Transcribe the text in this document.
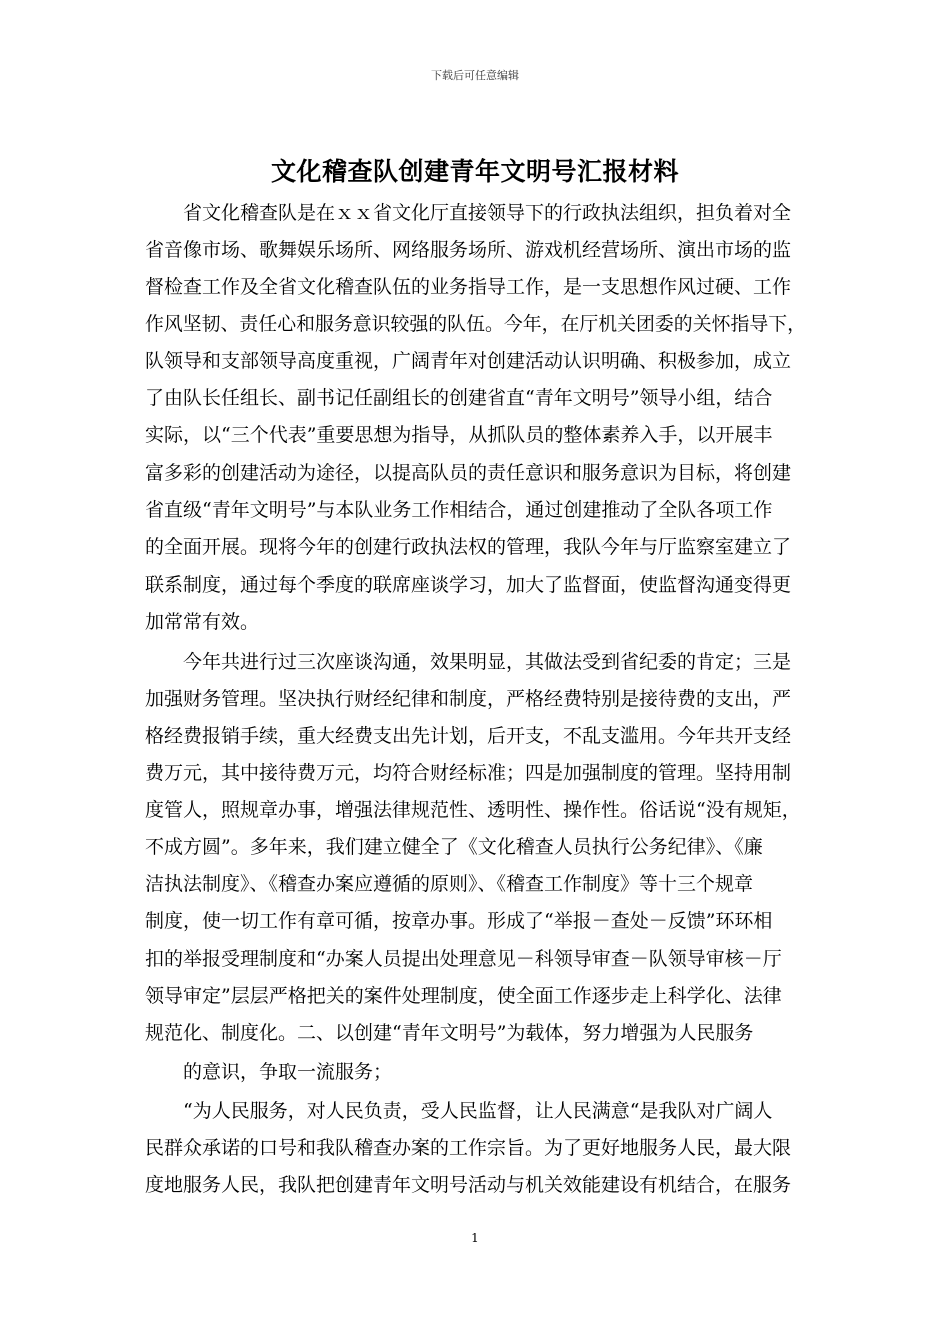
下载后可任意编辑
文化稽查队创建青年文明号汇报材料
省文化稽查队是在ｘｘ省文化厅直接领导下的行政执法组织，担负着对全
省音像市场、歌舞娱乐场所、网络服务场所、游戏机经营场所、演出市场的监
督检查工作及全省文化稽查队伍的业务指导工作，是一支思想作风过硬、工作
作风坚韧、责任心和服务意识较强的队伍。今年，在厅机关团委的关怀指导下，
队领导和支部领导高度重视，广阔青年对创建活动认识明确、积极参加，成立
了由队长任组长、副书记任副组长的创建省直“青年文明号”领导小组，结合
实际，以“三个代表”重要思想为指导，从抓队员的整体素养入手，以开展丰
富多彩的创建活动为途径，以提高队员的责任意识和服务意识为目标，将创建
省直级“青年文明号”与本队业务工作相结合，通过创建推动了全队各项工作
的全面开展。现将今年的创建行政执法权的管理，我队今年与厅监察室建立了
联系制度，通过每个季度的联席座谈学习，加大了监督面，使监督沟通变得更
加常常有效。
今年共进行过三次座谈沟通，效果明显，其做法受到省纪委的肯定；三是
加强财务管理。坚决执行财经纪律和制度，严格经费特别是接待费的支出，严
格经费报销手续，重大经费支出先计划，后开支，不乱支滥用。今年共开支经
费万元，其中接待费万元，均符合财经标准；四是加强制度的管理。坚持用制
度管人，照规章办事，增强法律规范性、透明性、操作性。俗话说“没有规矩，
不成方圆”。多年来，我们建立健全了《文化稽查人员执行公务纪律》、《廉
洁执法制度》、《稽查办案应遵循的原则》、《稽查工作制度》等十三个规章
制度，使一切工作有章可循，按章办事。形成了“举报－查处－反馈”环环相
扣的举报受理制度和“办案人员提出处理意见－科领导审查－队领导审核－厅
领导审定”层层严格把关的案件处理制度，使全面工作逐步走上科学化、法律
规范化、制度化。二、以创建“青年文明号”为载体，努力增强为人民服务
的意识，争取一流服务；
“为人民服务，对人民负责，受人民监督，让人民满意“是我队对广阔人
民群众承诺的口号和我队稽查办案的工作宗旨。为了更好地服务人民，最大限
度地服务人民，我队把创建青年文明号活动与机关效能建设有机结合，在服务
1
